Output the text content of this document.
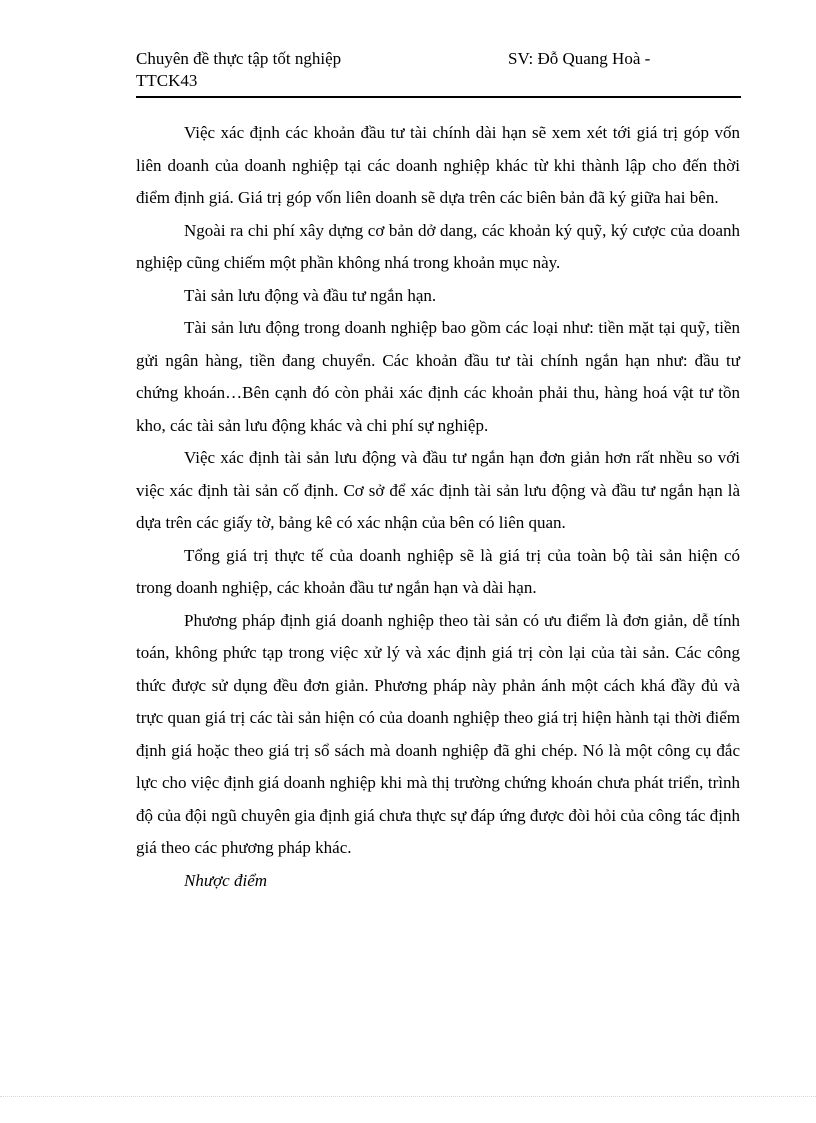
Chuyên đề thực tập tốt nghiệp	SV: Đỗ Quang Hoà -
TTCK43

Việc xác định các khoản đầu tư tài chính dài hạn sẽ xem xét tới giá trị góp vốn liên doanh của doanh nghiệp tại các doanh nghiệp khác từ khi thành lập cho đến thời điểm định giá. Giá trị góp vốn liên doanh sẽ dựa trên các biên bản đã ký giữa hai bên.

Ngoài ra chi phí xây dựng cơ bản dở dang, các khoản ký quỹ, ký cược của doanh nghiệp cũng chiếm một phần không nhá trong khoản mục này.

Tài sản lưu động và đầu tư ngắn hạn.

Tài sản lưu động trong doanh nghiệp bao gồm các loại như: tiền mặt tại quỹ, tiền gửi ngân hàng, tiền đang chuyển. Các khoản đầu tư tài chính ngắn hạn như: đầu tư chứng khoán…Bên cạnh đó còn phải xác định các khoản phải thu, hàng hoá vật tư tồn kho, các tài sản lưu động khác và chi phí sự nghiệp.

Việc xác định tài sản lưu động và đầu tư ngắn hạn đơn giản hơn rất nhều so với việc xác định tài sản cố định. Cơ sở để xác định tài sản lưu động và đầu tư ngắn hạn là dựa trên các giấy tờ, bảng kê có xác nhận của bên có liên quan.

Tổng giá trị thực tế của doanh nghiệp sẽ là giá trị của toàn bộ tài sản hiện có trong doanh nghiệp, các khoản đầu tư ngắn hạn và dài hạn.

Phương pháp định giá doanh nghiệp theo tài sản có ưu điểm là đơn giản, dễ tính toán, không phức tạp trong việc xử lý và xác định giá trị còn lại của tài sản. Các công thức được sử dụng đều đơn giản. Phương pháp này phản ánh một cách khá đầy đủ và trực quan giá trị các tài sản hiện có của doanh nghiệp theo giá trị hiện hành tại thời điểm định giá hoặc theo giá trị sổ sách mà doanh nghiệp đã ghi chép. Nó là một công cụ đắc lực cho việc định giá doanh nghiệp khi mà thị trường chứng khoán chưa phát triển, trình độ của đội ngũ chuyên gia định giá chưa thực sự đáp ứng được đòi hỏi của công tác định giá theo các phương pháp khác.

Nhược điểm
